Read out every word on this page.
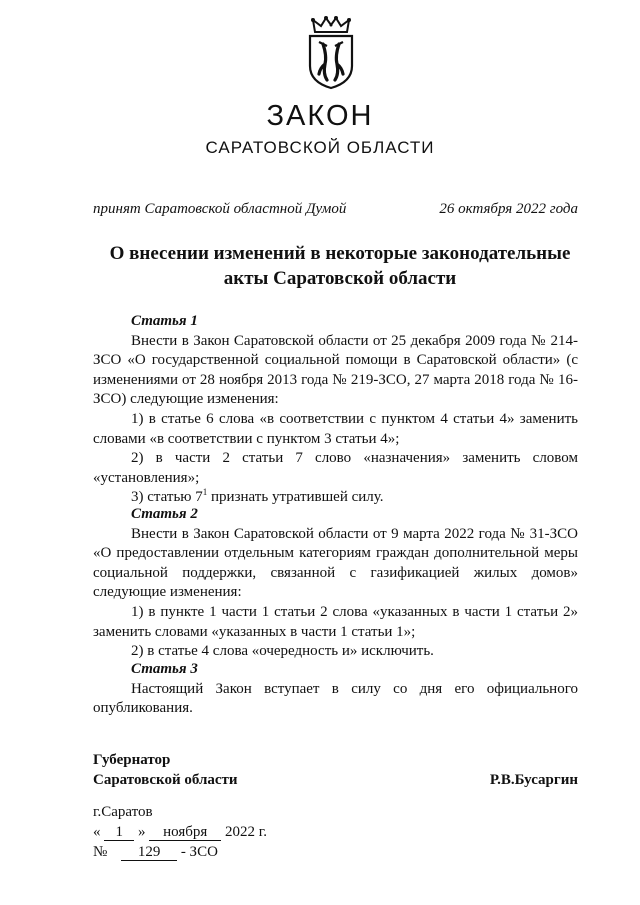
ЗАКОН
САРАТОВСКОЙ ОБЛАСТИ
принят Саратовской областной Думой	26 октября 2022 года
О внесении изменений в некоторые законодательные
акты Саратовской области
Статья 1

Внести в Закон Саратовской области от 25 декабря 2009 года № 214-ЗСО «О государственной социальной помощи в Саратовской области» (с изменениями от 28 ноября 2013 года № 219-ЗСО, 27 марта 2018 года № 16-ЗСО) следующие изменения:

1) в статье 6 слова «в соответствии с пунктом 4 статьи 4» заменить словами «в соответствии с пунктом 3 статьи 4»;

2) в части 2 статьи 7 слово «назначения» заменить словом «установления»;

3) статью $7^1$ признать утратившей силу.

Статья 2

Внести в Закон Саратовской области от 9 марта 2022 года № 31-ЗСО «О предоставлении отдельным категориям граждан дополнительной меры социальной поддержки, связанной с газификацией жилых домов» следующие изменения:

1) в пункте 1 части 1 статьи 2 слова «указанных в части 1 статьи 2» заменить словами «указанных в части 1 статьи 1»;

2) в статье 4 слова «очередность и» исключить.

Статья 3

Настоящий Закон вступает в силу со дня его официального опубликования.

Губернатор
Саратовской области	Р.В.Бусаргин
г.Саратов
« 1 » ноября 2022 г.
№ 129 - ЗСО
